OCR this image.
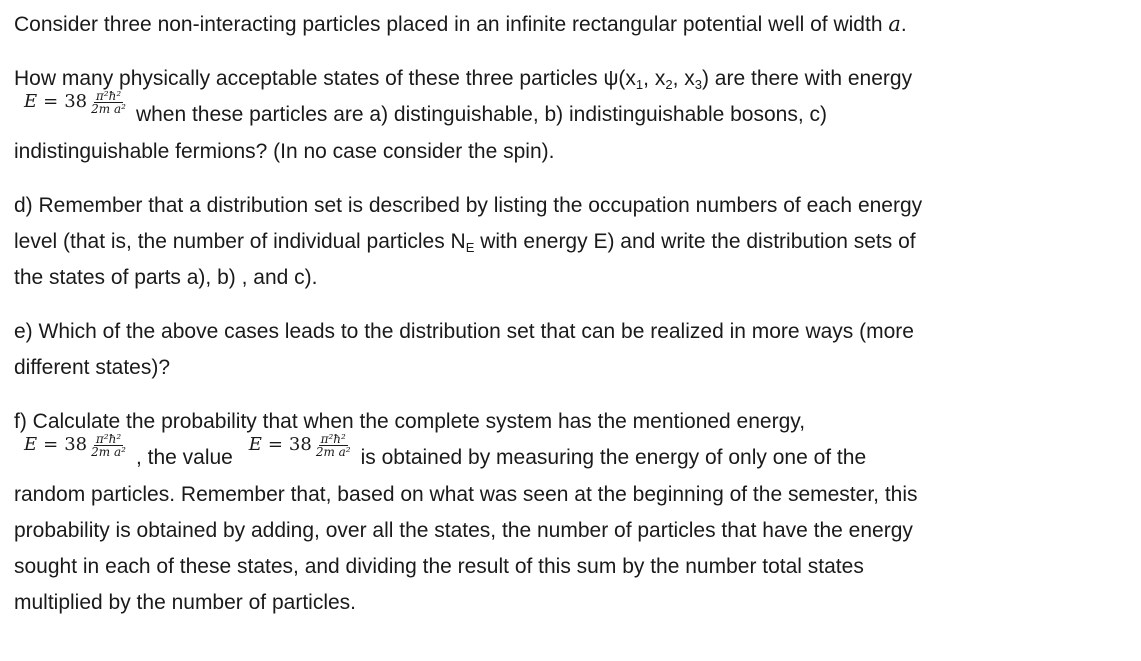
Consider three non-interacting particles placed in an infinite rectangular potential well of width a.

How many physically acceptable states of these three particles $\psi(x_1$, $x_2$, $x_3$) are there with energy

$E = 38 \frac{\text{π²ħ²}}{\text{2m a²}}$ when these particles are a) distinguishable, b) indistinguishable bosons, c)
indistinguishable fermions? (In no case consider the spin).

d) Remember that a distribution set is described by listing the occupation numbers of each energy
level (that is, the number of individual particles $N_E$ with energy E) and write the distribution sets of
the states of parts a), b) , and c).

e) Which of the above cases leads to the distribution set that can be realized in more ways (more
different states)?

f) Calculate the probability that when the complete system has the mentioned energy,

$E = 38 \frac{\text{π²ħ²}}{\text{2m a²}}$ , the value
$E = 38 \frac{\text{π²ħ²}}{\text{2m a²}}$ is obtained by measuring the energy of only one of the
random particles. Remember that, based on what was seen at the beginning of the semester, this
probability is obtained by adding, over all the states, the number of particles that have the energy
sought in each of these states, and dividing the result of this sum by the number total states
multiplied by the number of particles.
